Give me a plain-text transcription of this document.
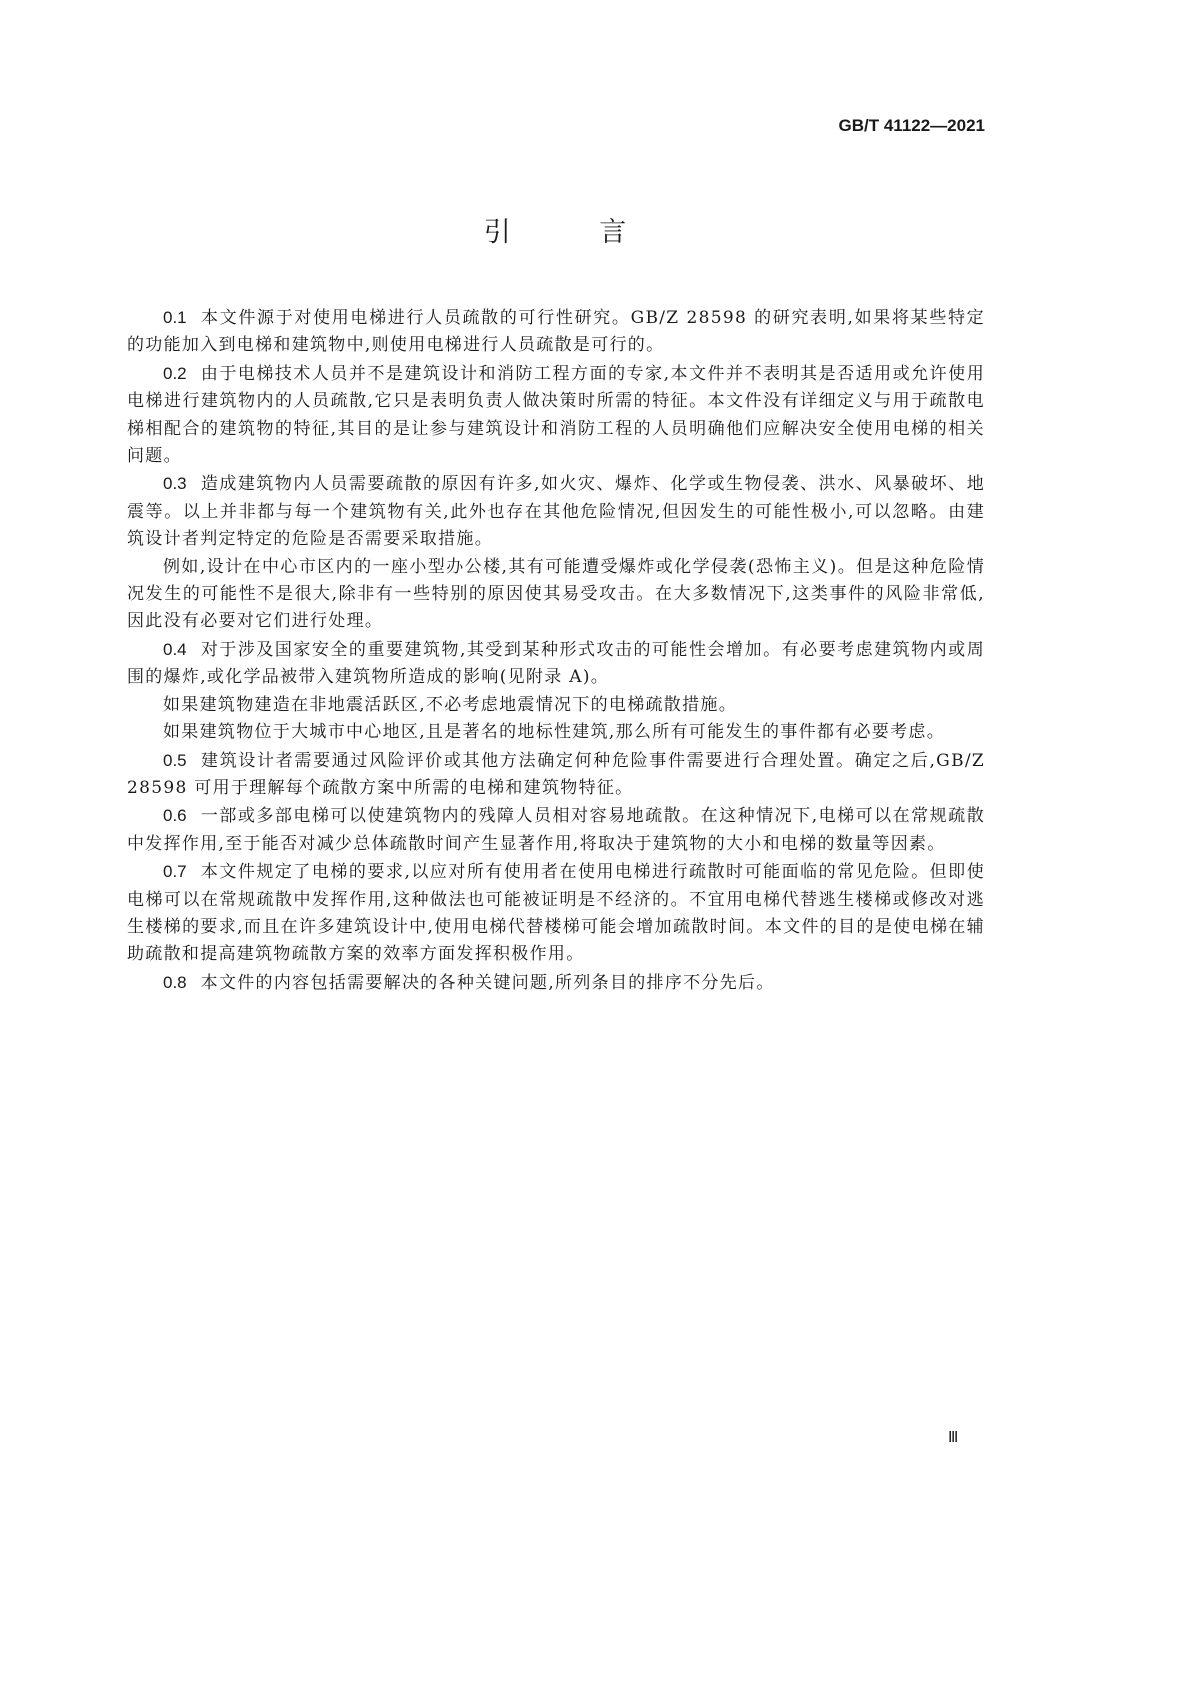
GB/T 41122—2021
引 言

0.1 本文件源于对使用电梯进行人员疏散的可行性研究。GB/Z 28598 的研究表明,如果将某些特定的功能加入到电梯和建筑物中,则使用电梯进行人员疏散是可行的。

0.2 由于电梯技术人员并不是建筑设计和消防工程方面的专家,本文件并不表明其是否适用或允许使用电梯进行建筑物内的人员疏散,它只是表明负责人做决策时所需的特征。本文件没有详细定义与用于疏散电梯相配合的建筑物的特征,其目的是让参与建筑设计和消防工程的人员明确他们应解决安全使用电梯的相关问题。

0.3 造成建筑物内人员需要疏散的原因有许多,如火灾、爆炸、化学或生物侵袭、洪水、风暴破坏、地震等。以上并非都与每一个建筑物有关,此外也存在其他危险情况,但因发生的可能性极小,可以忽略。由建筑设计者判定特定的危险是否需要采取措施。

例如,设计在中心市区内的一座小型办公楼,其有可能遭受爆炸或化学侵袭(恐怖主义)。但是这种危险情况发生的可能性不是很大,除非有一些特别的原因使其易受攻击。在大多数情况下,这类事件的风险非常低,因此没有必要对它们进行处理。

0.4 对于涉及国家安全的重要建筑物,其受到某种形式攻击的可能性会增加。有必要考虑建筑物内或周围的爆炸,或化学品被带入建筑物所造成的影响(见附录 A)。

如果建筑物建造在非地震活跃区,不必考虑地震情况下的电梯疏散措施。

如果建筑物位于大城市中心地区,且是著名的地标性建筑,那么所有可能发生的事件都有必要考虑。

0.5 建筑设计者需要通过风险评价或其他方法确定何种危险事件需要进行合理处置。确定之后,GB/Z 28598 可用于理解每个疏散方案中所需的电梯和建筑物特征。

0.6 一部或多部电梯可以使建筑物内的残障人员相对容易地疏散。在这种情况下,电梯可以在常规疏散中发挥作用,至于能否对减少总体疏散时间产生显著作用,将取决于建筑物的大小和电梯的数量等因素。

0.7 本文件规定了电梯的要求,以应对所有使用者在使用电梯进行疏散时可能面临的常见危险。但即使电梯可以在常规疏散中发挥作用,这种做法也可能被证明是不经济的。不宜用电梯代替逃生楼梯或修改对逃生楼梯的要求,而且在许多建筑设计中,使用电梯代替楼梯可能会增加疏散时间。本文件的目的是使电梯在辅助疏散和提高建筑物疏散方案的效率方面发挥积极作用。

0.8 本文件的内容包括需要解决的各种关键问题,所列条目的排序不分先后。

Ⅲ
